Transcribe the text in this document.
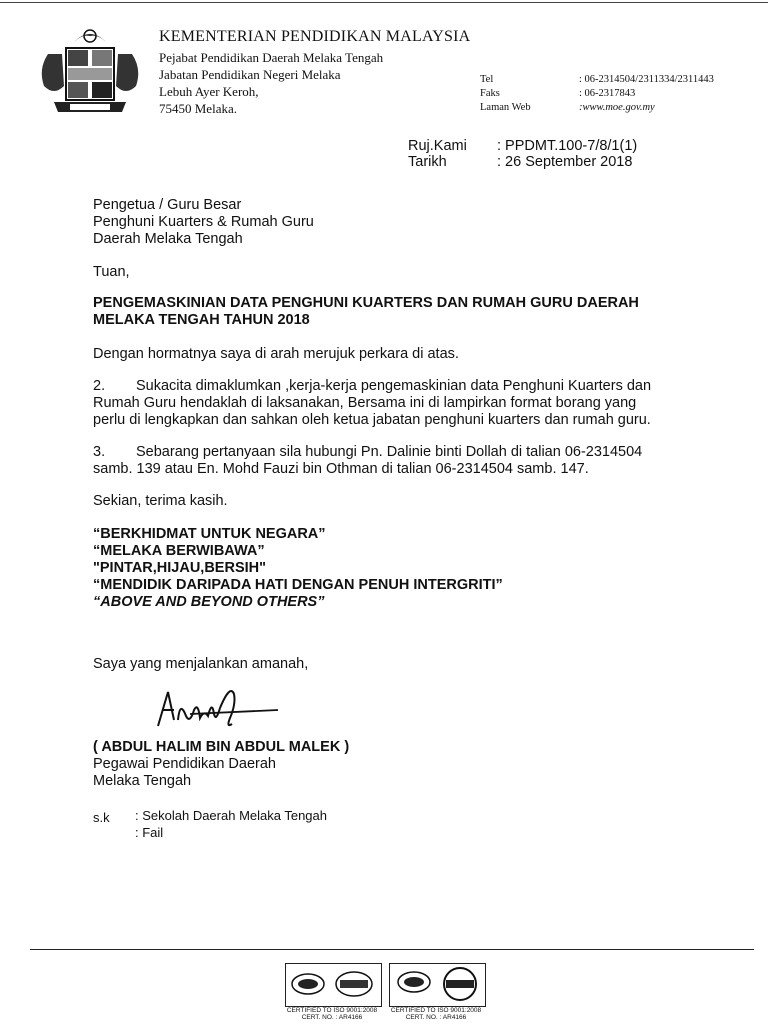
KEMENTERIAN PENDIDIKAN MALAYSIA
Pejabat Pendidikan Daerah Melaka Tengah
Jabatan Pendidikan Negeri Melaka
Lebuh Ayer Keroh,
75450 Melaka.
Tel	: 06-2314504/2311334/2311443
Faks	: 06-2317843
Laman Web	:www.moe.gov.my
Ruj.Kami : PPDMT.100-7/8/1(1)
Tarikh	: 26 September 2018
Pengetua / Guru Besar
Penghuni Kuarters & Rumah Guru
Daerah Melaka Tengah
Tuan,
PENGEMASKINIAN DATA PENGHUNI KUARTERS DAN RUMAH GURU DAERAH
MELAKA TENGAH TAHUN 2018
Dengan hormatnya saya di arah merujuk perkara di atas.
2.	Sukacita dimaklumkan ,kerja-kerja pengemaskinian data Penghuni Kuarters dan
Rumah Guru hendaklah di laksanakan, Bersama ini di lampirkan format borang yang
perlu di lengkapkan dan sahkan oleh ketua jabatan penghuni kuarters dan rumah guru.
3.	Sebarang pertanyaan sila hubungi Pn. Dalinie binti Dollah di talian 06-2314504
samb. 139 atau En. Mohd Fauzi bin Othman di talian 06-2314504 samb. 147.
Sekian, terima kasih.
“BERKHIDMAT UNTUK NEGARA”
“MELAKA BERWIBAWA”
"PINTAR,HIJAU,BERSIH"
“MENDIDIK DARIPADA HATI DENGAN PENUH INTERGRITI”
“ABOVE AND BEYOND OTHERS”
Saya yang menjalankan amanah,
( ABDUL HALIM BIN ABDUL MALEK )
Pegawai Pendidikan Daerah
Melaka Tengah
s.k : Sekolah Daerah Melaka Tengah
: Fail
CERTIFIED TO ISO 9001:2008
CERT. NO. : AR4166
CERTIFIED TO ISO 9001:2008
CERT. NO. : AR4166
